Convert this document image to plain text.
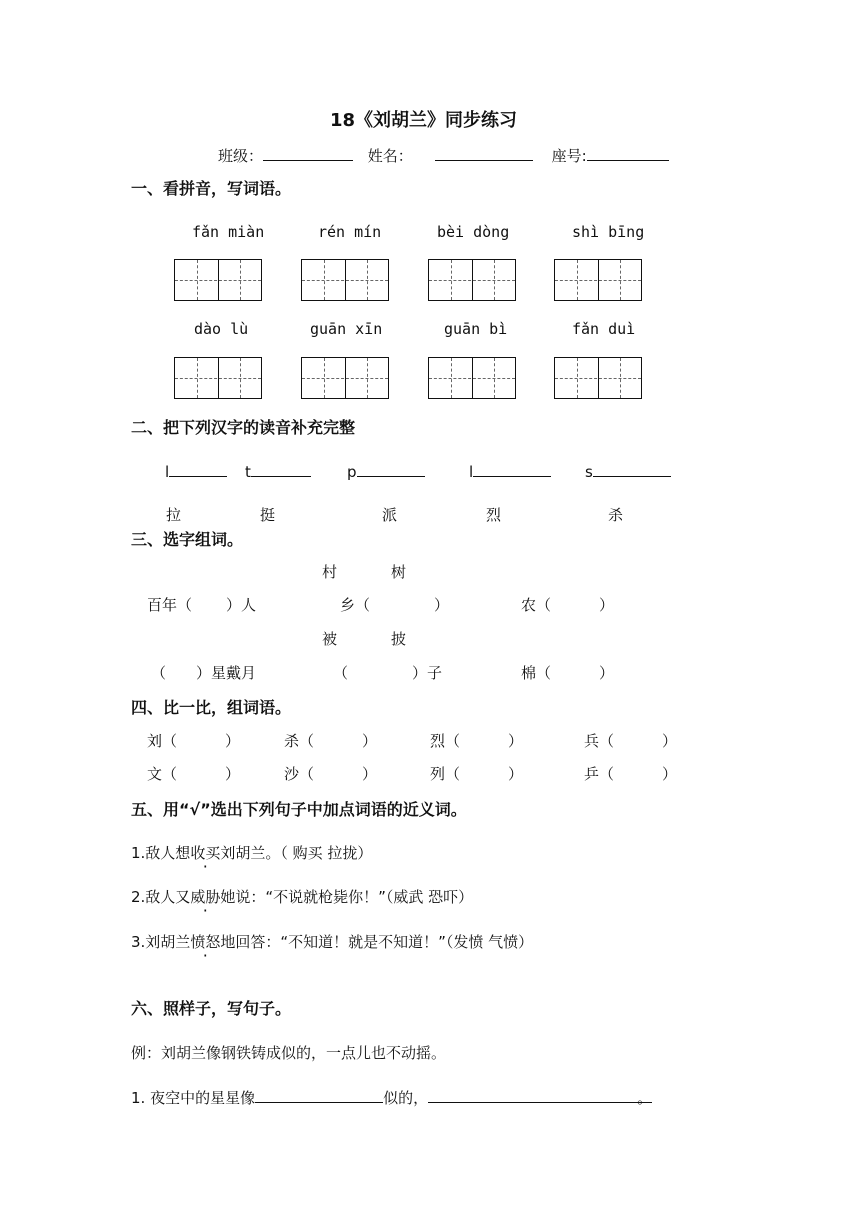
18《刘胡兰》同步练习
班级：	姓名：	座号:
一、看拼音，写词语。
fǎn miàn	rén mín	bèi dòng	shì bīng
dào lù	guān xīn	guān bì	fǎn duì
二、把下列汉字的读音补充完整
l	t	p	l	s
拉	挺	派	烈	杀
三、选字组词。
村	树
百年（ ）人	乡（	）	农（	）
被	披
（ ）星戴月	（	）子	棉（	）
四、比一比，组词语。
刘（	）	杀（	）	烈（	）	兵（	）
文（	）	沙（	）	列（	）	乒（	）
五、用“√”选出下列句子中加点词语的近义词。
1.敌人想收买刘胡兰。（ 购买 拉拢）
2.敌人又威胁她说：“不说就枪毙你！”（威武 恐吓）
3.刘胡兰愤怒地回答：“不知道！就是不知道！”（发愤 气愤）
六、照样子，写句子。
例：刘胡兰像钢铁铸成似的，一点儿也不动摇。
1. 夜空中的星星像	似的，	。
